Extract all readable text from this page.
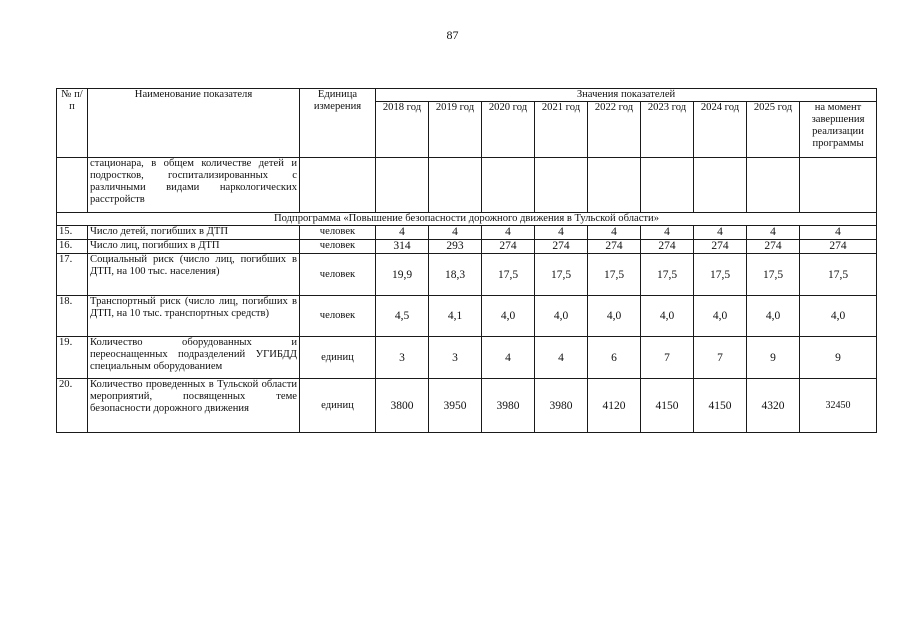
87
№ п/п	Наименование показателя	Единица измерения	Значения показателей								
			2018 год	2019 год	2020 год	2021 год	2022 год	2023 год	2024 год	2025 год	на момент завершения реализации программы
	стационара, в общем количестве детей и подростков, госпитализированных с различными видами наркологических расстройств										
Подпрограмма «Повышение безопасности дорожного движения в Тульской области»											
15.	Число детей, погибших в ДТП	человек	4	4	4	4	4	4	4	4	4
16.	Число лиц, погибших в ДТП	человек	314	293	274	274	274	274	274	274	274
17.	Социальный риск (число лиц, погибших в ДТП, на 100 тыс. населения)	человек	19,9	18,3	17,5	17,5	17,5	17,5	17,5	17,5	17,5
18.	Транспортный риск (число лиц, погибших в ДТП, на 10 тыс. транспортных средств)	человек	4,5	4,1	4,0	4,0	4,0	4,0	4,0	4,0	4,0
19.	Количество оборудованных и переоснащенных подразделений УГИБДД специальным оборудованием	единиц	3	3	4	4	6	7	7	9	9
20.	Количество проведенных в Тульской области мероприятий, посвященных теме безопасности дорожного движения	единиц	3800	3950	3980	3980	4120	4150	4150	4320	32450
